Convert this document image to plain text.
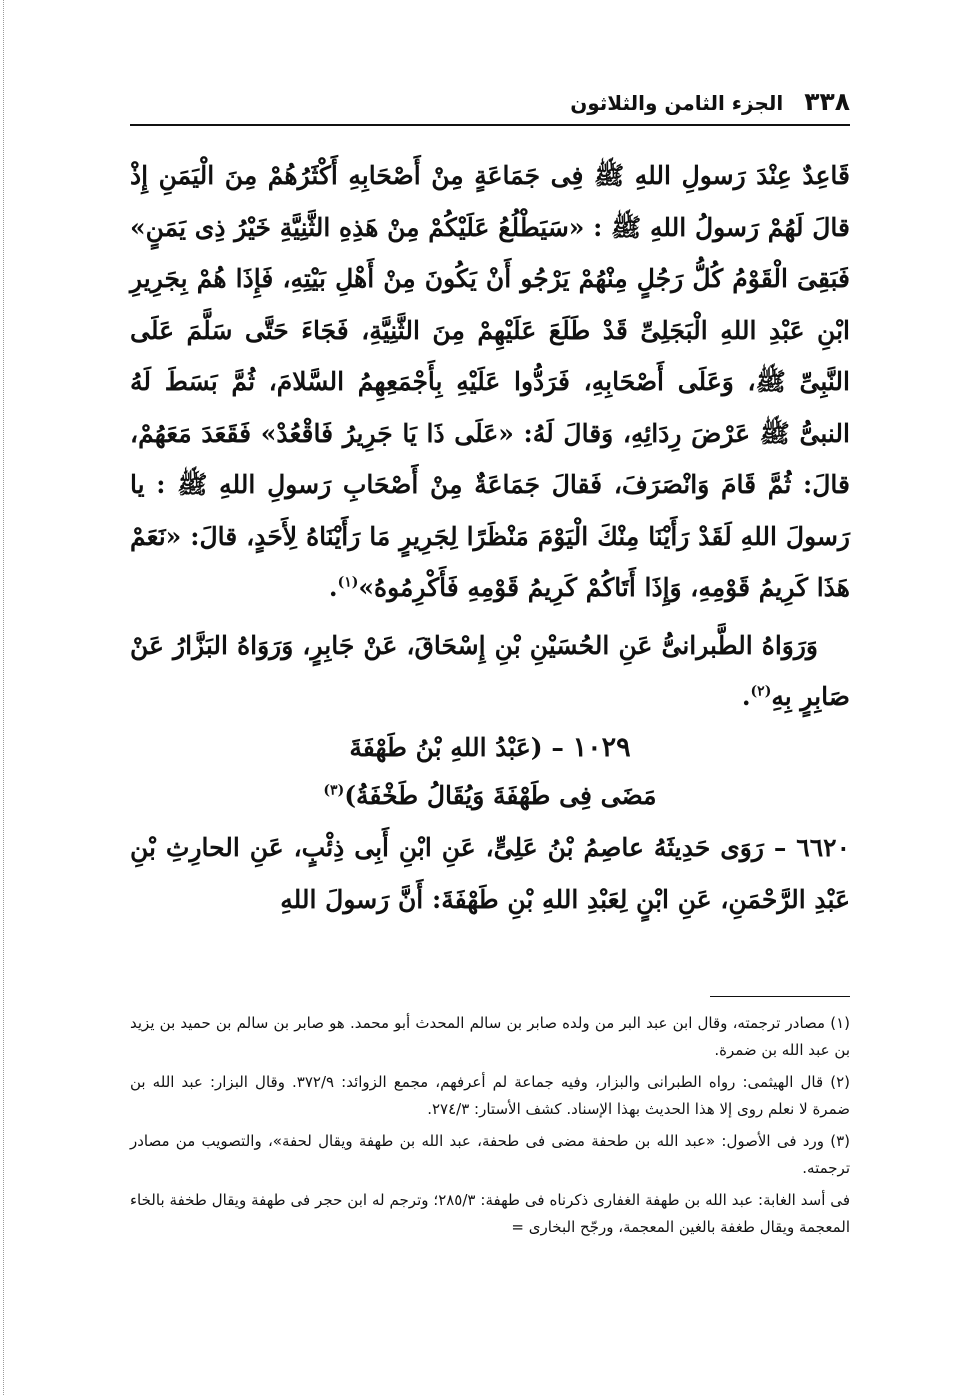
٣٣٨ الجزء الثامن والثلاثون

قَاعِدٌ عِنْدَ رَسولِ اللهِ ﷺ فِى جَمَاعَةٍ مِنْ أَصْحَابِهِ أَكْثَرُهُمْ مِنَ الْيَمَنِ إِذْ قالَ لَهُمْ رَسولُ اللهِ ﷺ : «سَيَطْلُعُ عَلَيْكُمْ مِنْ هَذِهِ الثَّنِيَّةِ خَيْرُ ذِى يَمَنٍ» فَبَقِىَ الْقَوْمُ كُلُّ رَجُلٍ مِنْهُمْ يَرْجُو أَنْ يَكُونَ مِنْ أَهْلِ بَيْتِهِ، فَإِذَا هُمْ بِجَرِيرِ ابْنِ عَبْدِ اللهِ الْبَجَلِىِّ قَدْ طَلَعَ عَلَيْهِمْ مِنَ الثَّنِيَّةِ، فَجَاءَ حَتَّى سَلَّمَ عَلَى النَّبِىِّ ﷺ، وَعَلَى أَصْحَابِهِ، فَرَدُّوا عَلَيْهِ بِأَجْمَعِهِمُ السَّلامَ، ثُمَّ بَسَطَ لَهُ النبىُّ ﷺ عَرْضَ رِدَائِهِ، وَقالَ لَهُ: «عَلَى ذَا يَا جَرِيرُ فَاقْعُدْ» فَقَعَدَ مَعَهُمْ، قالَ: ثُمَّ قَامَ وَانْصَرَفَ، فَقالَ جَمَاعَةٌ مِنْ أَصْحَابِ رَسولِ اللهِ ﷺ : يا رَسولَ اللهِ لَقَدْ رَأَيْنَا مِنْكَ الْيَوْمَ مَنْظَرًا لِجَرِيرٍ مَا رَأَيْنَاهُ لِأَحَدٍ، قالَ: «نَعَمْ هَذَا كَرِيمُ قَوْمِهِ، وَإِذَا أَتَاكُمْ كَرِيمُ قَوْمِهِ فَأَكْرِمُوهُ»$^{(١)}$.

وَرَوَاهُ الطَّبرانىُّ عَنِ الحُسَيْنِ بْنِ إِسْحَاقَ، عَنْ جَابِرٍ، وَرَوَاهُ البَزَّارُ عَنْ صَابِرٍ بِهِ$^{(٢)}$.

١٠٢٩ – (عَبْدُ اللهِ بْنُ طَهْفَةَ
مَضَى فِى طَهْفَةَ وَيُقَالُ طَخْفَةُ)$^{(٣)}$

٦٦٢٠ – رَوَى حَدِيثَهُ عاصِمُ بْنُ عَلِىٍّ، عَنِ ابْنِ أَبِى ذِئْبٍ، عَنِ الحارِثِ بْنِ عَبْدِ الرَّحْمَنِ، عَنِ ابْنٍ لِعَبْدِ اللهِ بْنِ طَهْفَةَ: أَنَّ رَسولَ اللهِ

(١) مصادر ترجمته، وقال ابن عبد البر من ولده صابر بن سالم المحدث أبو محمد. هو صابر بن سالم بن حميد بن يزيد بن عبد الله بن ضمرة.

(٢) قال الهيثمى: رواه الطبرانى والبزار، وفيه جماعة لم أعرفهم، مجمع الزوائد: ٣٧٢/٩. وقال البزار: عبد الله بن ضمرة لا نعلم روى إلا هذا الحديث بهذا الإسناد. كشف الأستار: ٢٧٤/٣.

(٣) ورد فى الأصول: «عبد الله بن طحفة مضى فى طحفة، عبد الله بن طهفة ويقال لحفة»، والتصويب من مصادر ترجمته.

فى أسد الغابة: عبد الله بن طهفة الغفارى ذكرناه فى طهفة: ٢٨٥/٣؛ وترجم له ابن حجر فى طهفة ويقال طخفة بالخاء المعجمة ويقال طغفة بالغين المعجمة، ورجّح البخارى =
